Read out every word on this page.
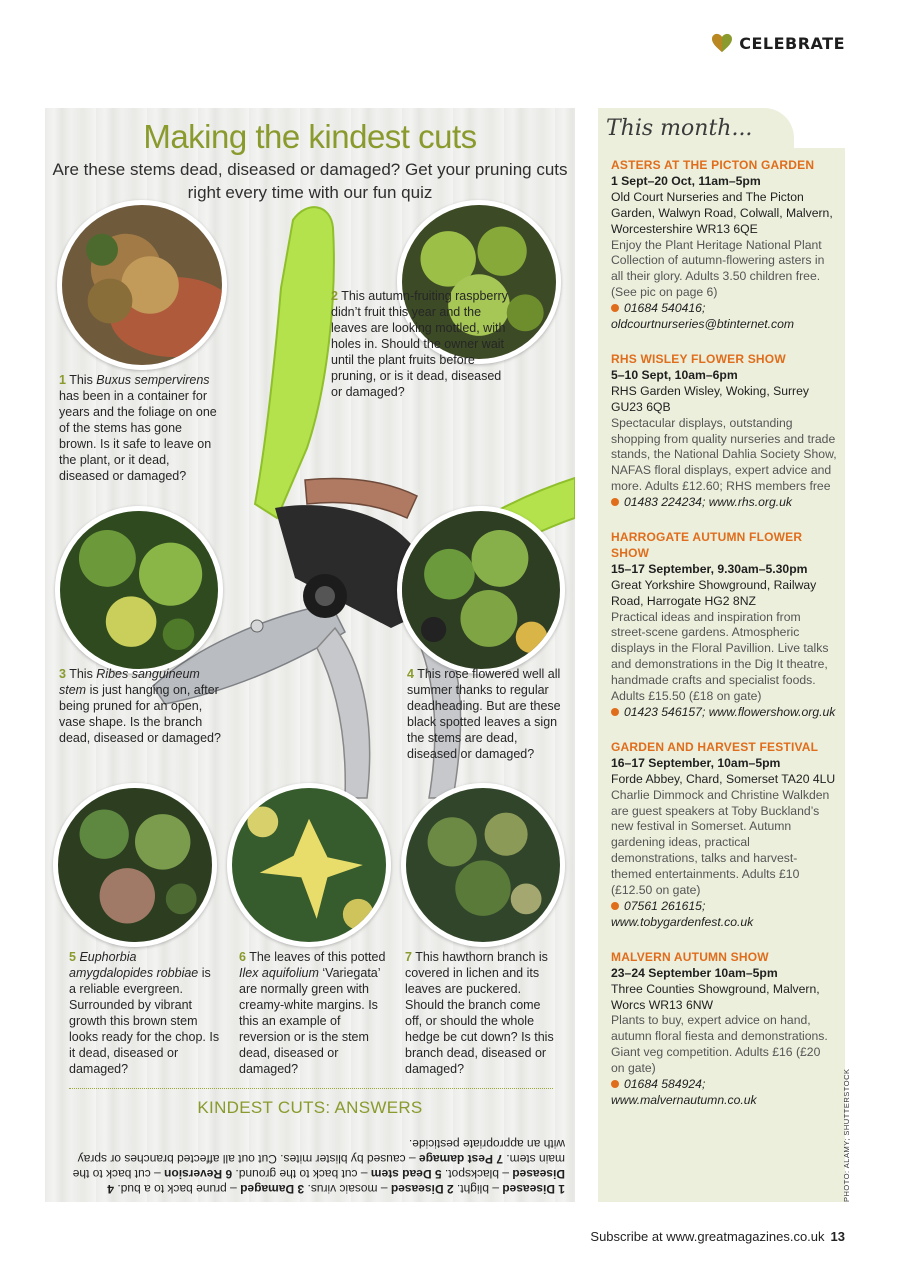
CELEBRATE
Making the kindest cuts
Are these stems dead, diseased or damaged? Get your pruning cuts right every time with our fun quiz
1 This Buxus sempervirens has been in a container for years and the foliage on one of the stems has gone brown. Is it safe to leave on the plant, or it dead, diseased or damaged?
2 This autumn-fruiting raspberry didn’t fruit this year and the leaves are looking mottled, with holes in. Should the owner wait until the plant fruits before pruning, or is it dead, diseased or damaged?
3 This Ribes sanguineum stem is just hanging on, after being pruned for an open, vase shape. Is the branch dead, diseased or damaged?
4 This rose flowered well all summer thanks to regular deadheading. But are these black spotted leaves a sign the stems are dead, diseased or damaged?
5 Euphorbia amygdalopides robbiae is a reliable evergreen. Surrounded by vibrant growth this brown stem looks ready for the chop. Is it dead, diseased or damaged?
6 The leaves of this potted Ilex aquifolium ‘Variegata’ are normally green with creamy-white margins. Is this an example of reversion or is the stem dead, diseased or damaged?
7 This hawthorn branch is covered in lichen and its leaves are puckered. Should the branch come off, or should the whole hedge be cut down? Is this branch dead, diseased or damaged?
KINDEST CUTS: ANSWERS
1 Diseased – blight. 2 Diseased – mosaic virus. 3 Damaged – prune back to a bud. 4 Diseased – blackspot. 5 Dead stem – cut back to the ground. 6 Reversion – cut back to the main stem. 7 Pest damage – caused by blister mites. Cut out all affected branches or spray with an appropriate pesticide.
This month...
ASTERS AT THE PICTON GARDEN
1 Sept–20 Oct, 11am–5pm
Old Court Nurseries and The Picton Garden, Walwyn Road, Colwall, Malvern, Worcestershire WR13 6QE
Enjoy the Plant Heritage National Plant Collection of autumn-flowering asters in all their glory. Adults 3.50 children free. (See pic on page 6)
01684 540416; oldcourtnurseries@btinternet.com
RHS WISLEY FLOWER SHOW
5–10 Sept, 10am–6pm
RHS Garden Wisley, Woking, Surrey GU23 6QB
Spectacular displays, outstanding shopping from quality nurseries and trade stands, the National Dahlia Society Show, NAFAS floral displays, expert advice and more. Adults £12.60; RHS members free
01483 224234; www.rhs.org.uk
HARROGATE AUTUMN FLOWER SHOW
15–17 September, 9.30am–5.30pm
Great Yorkshire Showground, Railway Road, Harrogate HG2 8NZ
Practical ideas and inspiration from street-scene gardens. Atmospheric displays in the Floral Pavillion. Live talks and demonstrations in the Dig It theatre, handmade crafts and specialist foods. Adults £15.50 (£18 on gate)
01423 546157; www.flowershow.org.uk
GARDEN AND HARVEST FESTIVAL
16–17 September, 10am–5pm
Forde Abbey, Chard, Somerset TA20 4LU
Charlie Dimmock and Christine Walkden are guest speakers at Toby Buckland’s new festival in Somerset. Autumn gardening ideas, practical demonstrations, talks and harvest-themed entertainments. Adults £10 (£12.50 on gate)
07561 261615; www.tobygardenfest.co.uk
MALVERN AUTUMN SHOW
23–24 September 10am–5pm
Three Counties Showground, Malvern, Worcs WR13 6NW
Plants to buy, expert advice on hand, autumn floral fiesta and demonstrations. Giant veg competition. Adults £16 (£20 on gate)
01684 584924; www.malvernautumn.co.uk	PHOTO: ALAMY; SHUTTERSTOCK
Subscribe at www.greatmagazines.co.uk 13
